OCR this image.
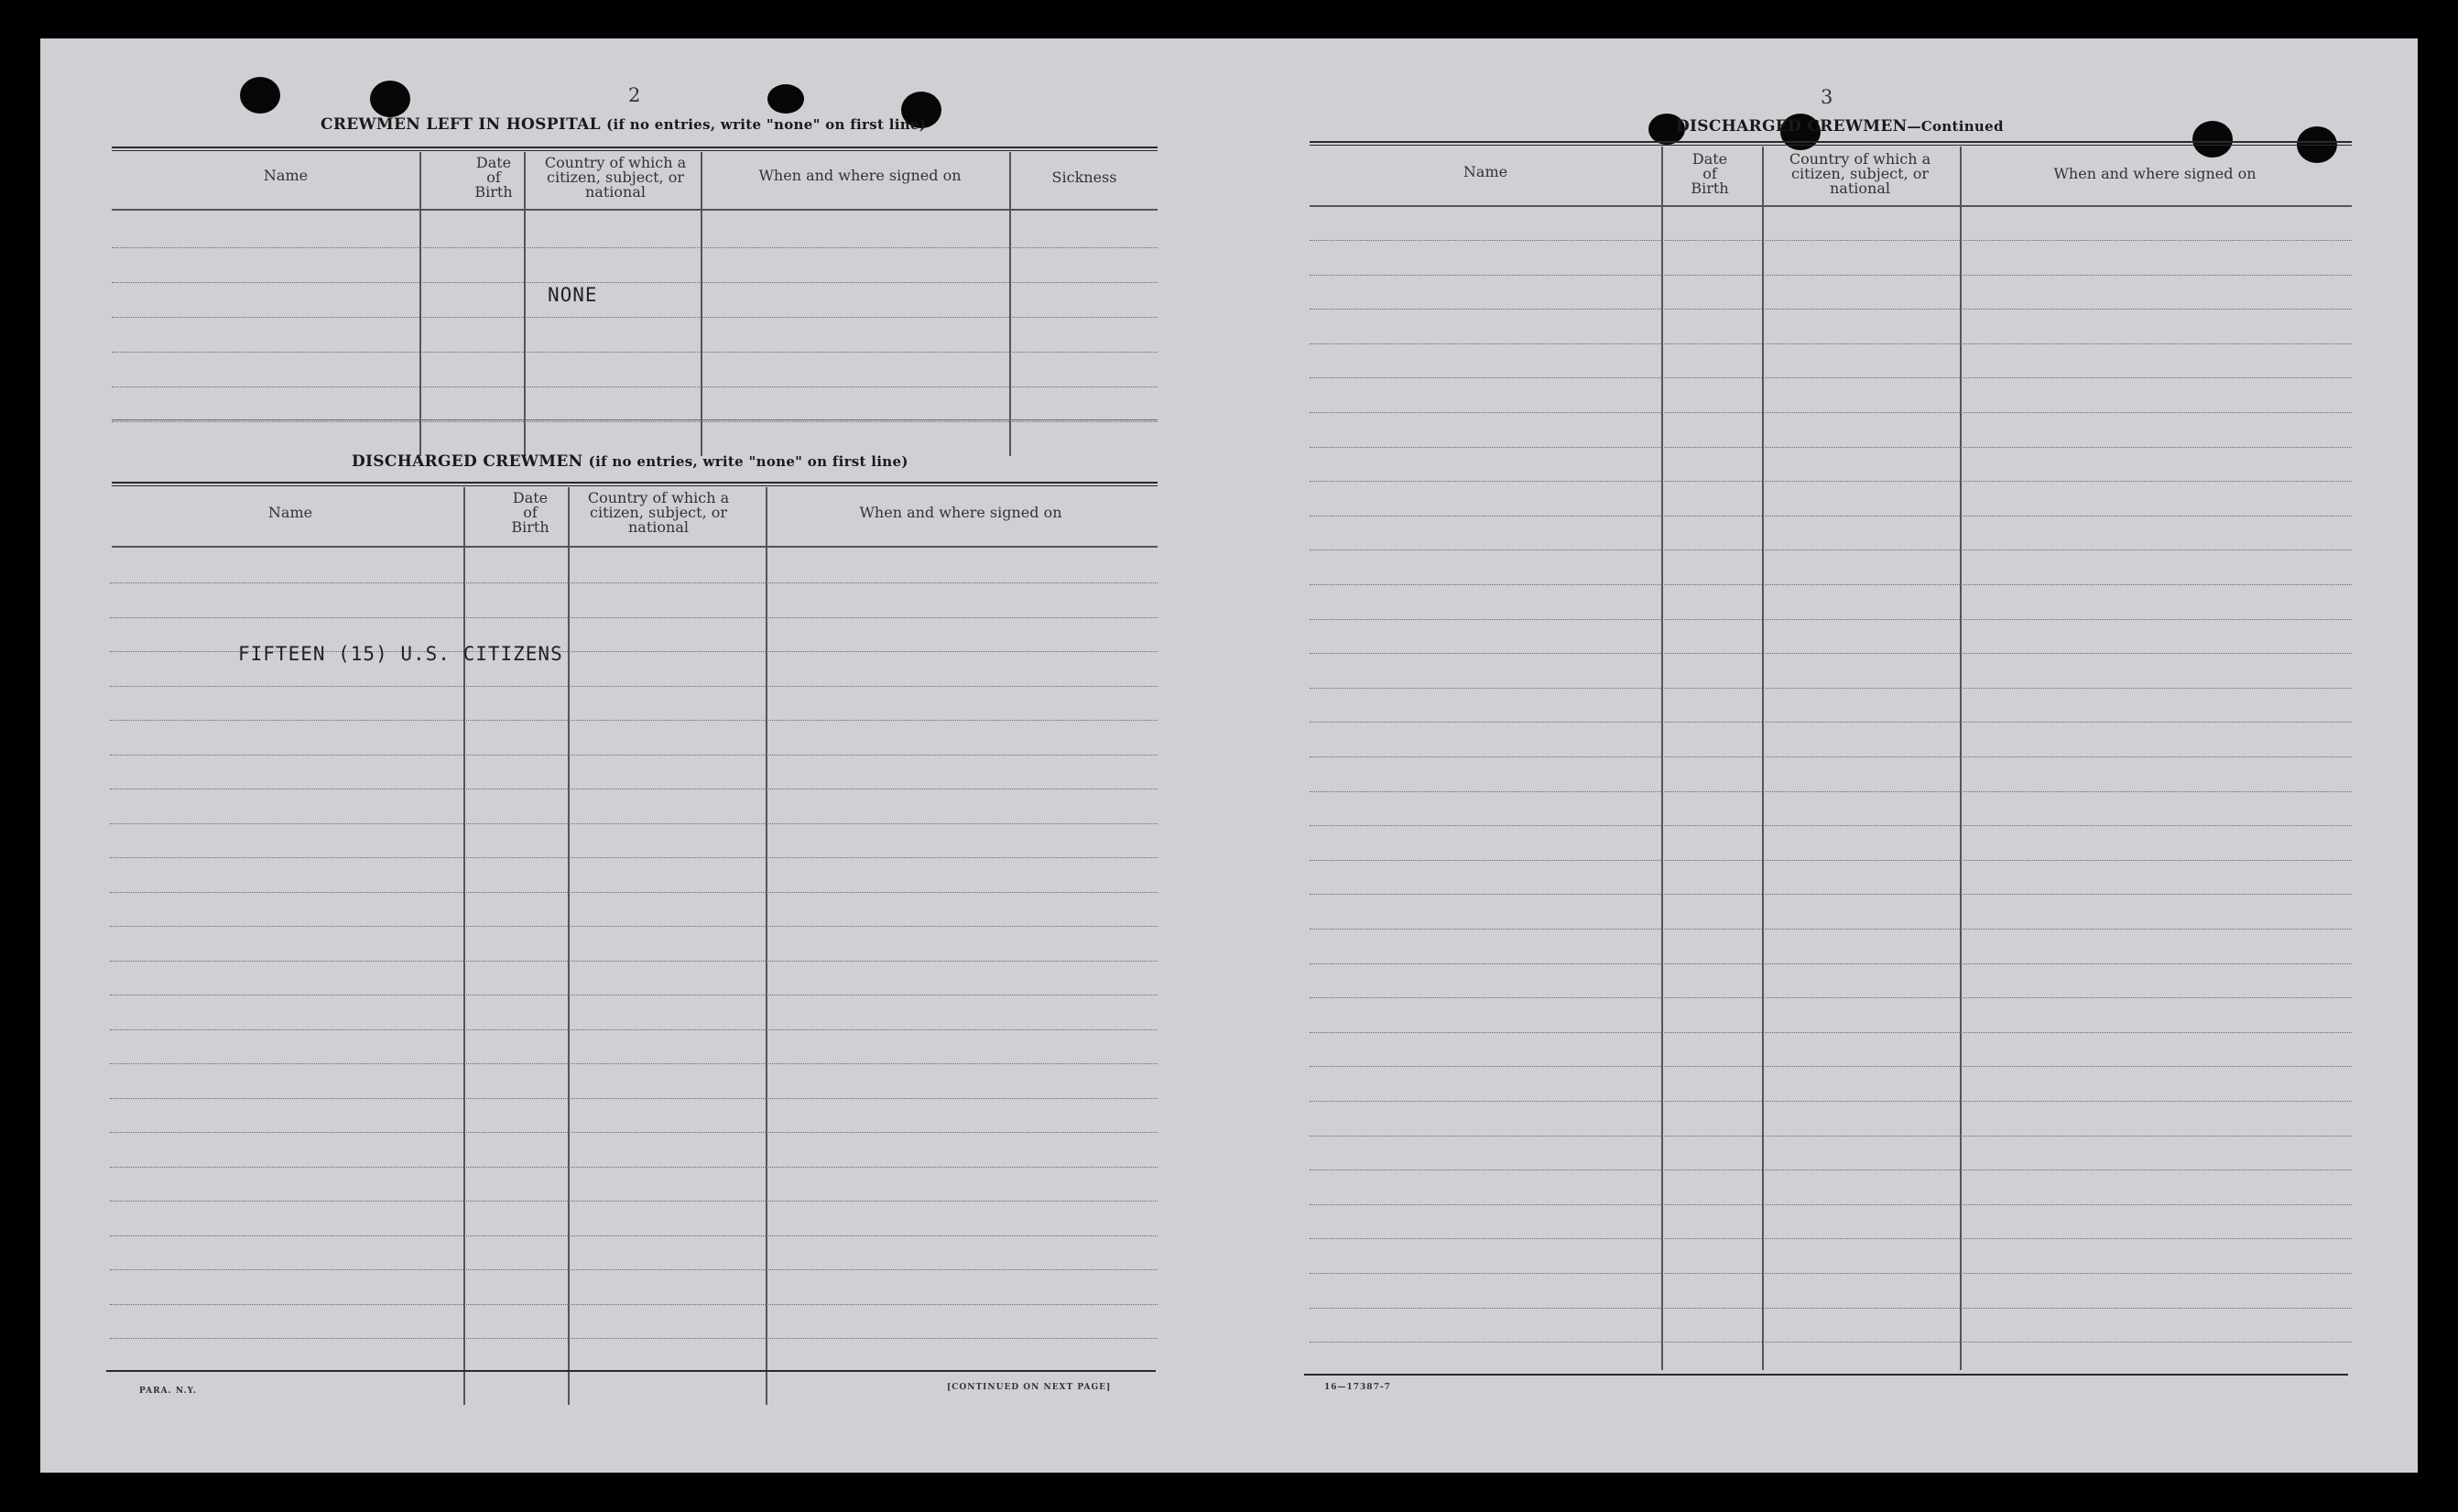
2
CREWMEN LEFT IN HOSPITAL (if no entries, write "none" on first line)
Name
Date
of
Birth
Country of which a
citizen, subject, or
national
When and where signed on	Sickness
NONE
DISCHARGED CREWMEN (if no entries, write "none" on first line)
Name
Date
of
Birth
Country of which a
citizen, subject, or
national
When and where signed on
FIFTEEN (15) U.S. CITIZENS
PARA. N.Y.	[CONTINUED ON NEXT PAGE]
3
DISCHARGED CREWMEN—Continued
Name
Date
of
Birth
Country of which a
citizen, subject, or
national
When and where signed on
16—17387-7
